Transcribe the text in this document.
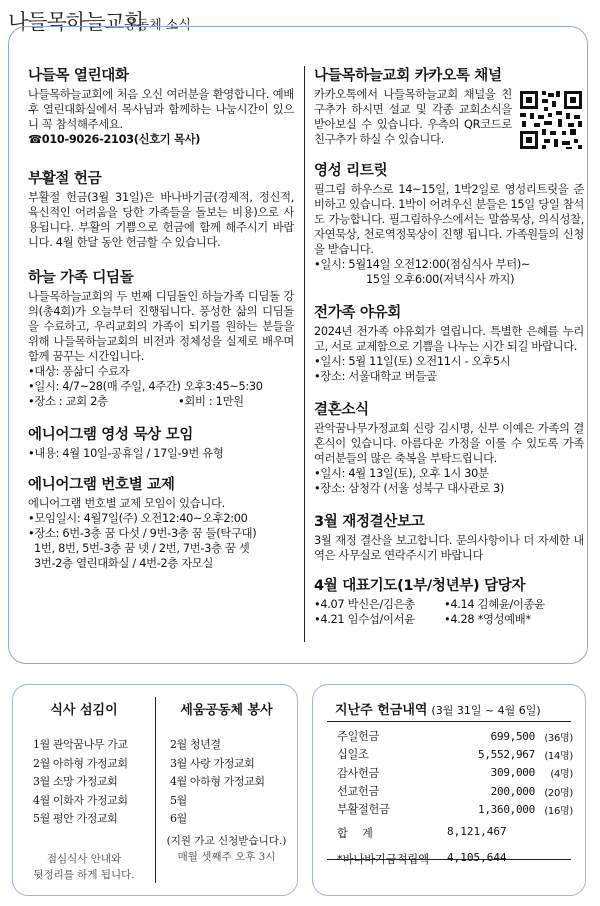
나들목하늘교회
공동체 소식
나들목 열린대화

나들목하늘교회에 처음 오신 여러분을 환영합니다. 예배 후 열린대화실에서 목사님과 함께하는 나눔시간이 있으니 꼭 참석해주세요.

☎010-9026-2103(신호기 목사)

부활절 헌금

부활절 헌금(3월 31일)은 바나바기금(경제적, 정신적, 육신적인 어려움을 당한 가족들을 돌보는 비용)으로 사용됩니다. 부활의 기쁨으로 헌금에 함께 해주시기 바랍니다. 4월 한달 동안 헌금할 수 있습니다.

하늘 가족 디딤돌

나들목하늘교회의 두 번째 디딤돌인 하늘가족 디딤돌 강의(총4회)가 오늘부터 진행됩니다. 풍성한 삶의 디딤돌을 수료하고, 우리교회의 가족이 되기를 원하는 분들을 위해 나들목하늘교회의 비전과 정체성을 실제로 배우며 함께 꿈꾸는 시간입니다.

•대상: 풍삶디 수료자

•일시: 4/7~28(매 주일, 4주간) 오후3:45~5:30

•장소 : 교회 2층	•회비 : 1만원

에니어그램 영성 묵상 모임

•내용: 4월 10일-공휴일 / 17일-9번 유형

에니어그램 번호별 교제

에니어그램 번호별 교제 모임이 있습니다.

•모임일시: 4월7일(주) 오전12:40~오후2:00

•장소: 6번-3층 꿈 다섯 / 9번-3층 꿈 둘(탁구대)

1번, 8번, 5번-3층 꿈 넷 / 2번, 7번-3층 꿈 셋

3번-2층 열린대화실 / 4번-2층 자모실

나들목하늘교회 카카오톡 채널

카카오톡에서 나들목하늘교회 채널을 친구추가 하시면 설교 및 각종 교회소식을 받아보실 수 있습니다. 우측의 QR코드로 친구추가 하실 수 있습니다.

영성 리트릿

필그림 하우스로 14~15일, 1박2일로 영성리트릿을 준비하고 있습니다. 1박이 어려우신 분들은 15일 당일 참석도 가능합니다. 필그림하우스에서는 말씀묵상, 의식성찰, 자연묵상, 천로역정묵상이 진행 됩니다. 가족원들의 신청을 받습니다.

•일시: 5월14일 오전12:00(점심식사 부터)~

15일 오후6:00(저녁식사 까지)

전가족 야유회

2024년 전가족 야유회가 열립니다. 특별한 은혜를 누리고, 서로 교제함으로 기쁨을 나누는 시간 되길 바랍니다.

•일시: 5월 11일(토) 오전11시 - 오후5시

•장소: 서울대학교 버들골

결혼소식

관악꿈나무가정교회 신랑 김시명, 신부 이예은 가족의 결혼식이 있습니다. 아름다운 가정을 이룰 수 있도록 가족 여러분들의 많은 축복을 부탁드립니다.

•일시: 4월 13일(토), 오후 1시 30분

•장소: 삼청각 (서울 성북구 대사관로 3)

3월 재정결산보고

3월 재정 결산을 보고합니다. 문의사항이나 더 자세한 내역은 사무실로 연락주시기 바랍니다

4월 대표기도(1부/청년부) 담당자

•4.07 박신은/김은총	•4.14 김혜윤/이종윤

•4.21 임수섭/이서윤	•4.28 *영성예배*

식사 섬김이
1월 관악꿈나무 가교
2월 아하형 가정교회
3월 소망 가정교회
4월 이화자 가정교회
5월 평안 가정교회
점심식사 안내와
뒷정리를 하게 됩니다.
세움공동체 봉사
2월 청년결
3월 사랑 가정교회
4월 아하형 가정교회
5월
6월
(지원 가교 신청받습니다.)
매월 셋째주 오후 3시
지난주 헌금내역 (3월 31일 ~ 4월 6일)
주일헌금	699,500 (36명)
십일조	5,552,967 (14명)
감사헌금	309,000	(4명)
선교헌금	200,000 (20명)
부활절헌금	1,360,000 (16명)
합    계	8,121,467
*바나바기금적립액	4,105,644
